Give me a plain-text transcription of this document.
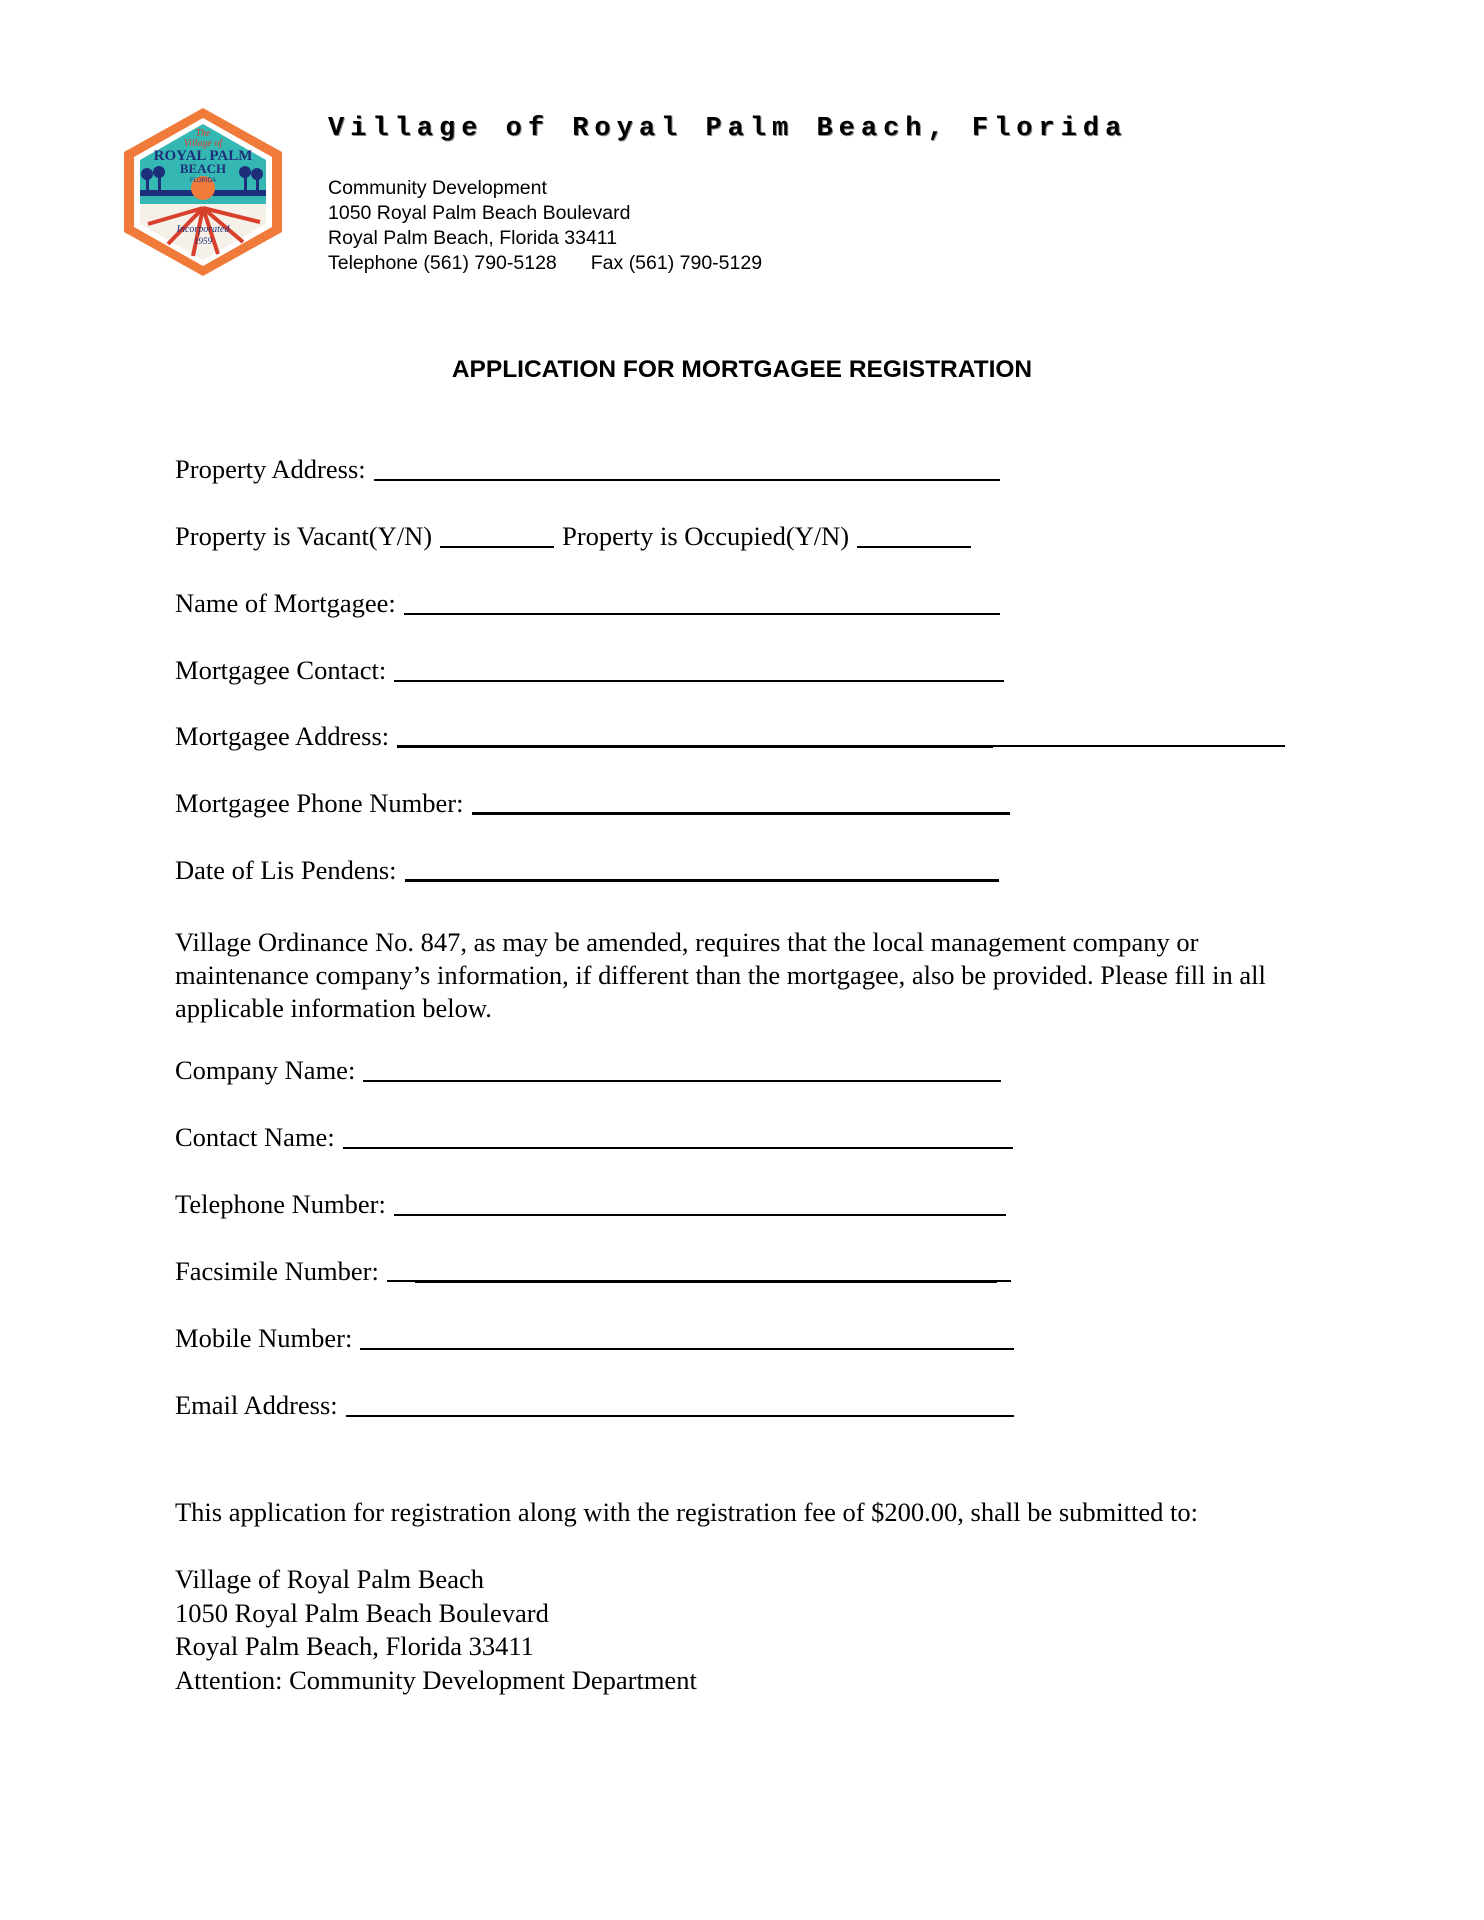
The
Village of
ROYAL PALM
BEACH
FLORIDA
Incorporated
1959
Village of Royal Palm Beach, Florida
Community Development
1050 Royal Palm Beach Boulevard
Royal Palm Beach, Florida 33411
Telephone (561) 790-5128 Fax (561) 790-5129
APPLICATION FOR MORTGAGEE REGISTRATION
Property Address:
Property is Vacant(Y/N)	Property is Occupied(Y/N)
Name of Mortgagee:
Mortgagee Contact:
Mortgagee Address:
Mortgagee Phone Number:
Date of Lis Pendens:
Village Ordinance No. 847, as may be amended, requires that the local management company or maintenance company’s information, if different than the mortgagee, also be provided. Please fill in all applicable information below.
Company Name:
Contact Name:
Telephone Number:
Facsimile Number:
Mobile Number:
Email Address:
This application for registration along with the registration fee of $200.00, shall be submitted to:
Village of Royal Palm Beach
1050 Royal Palm Beach Boulevard
Royal Palm Beach, Florida 33411
Attention: Community Development Department
